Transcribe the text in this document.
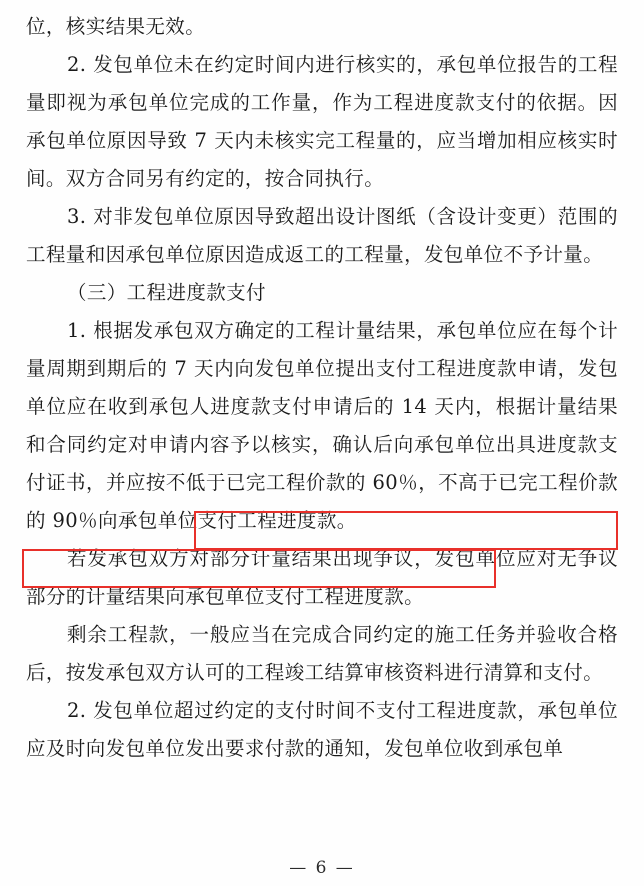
位，核实结果无效。

2. 发包单位未在约定时间内进行核实的，承包单位报告的工程量即视为承包单位完成的工作量，作为工程进度款支付的依据。因承包单位原因导致 7 天内未核实完工程量的，应当增加相应核实时间。双方合同另有约定的，按合同执行。

3. 对非发包单位原因导致超出设计图纸（含设计变更）范围的工程量和因承包单位原因造成返工的工程量，发包单位不予计量。

（三）工程进度款支付

1. 根据发承包双方确定的工程计量结果，承包单位应在每个计量周期到期后的 7 天内向发包单位提出支付工程进度款申请，发包单位应在收到承包人进度款支付申请后的 14 天内，根据计量结果和合同约定对申请内容予以核实，确认后向承包单位出具进度款支付证书，并应按不低于已完工程价款的 60％，不高于已完工程价款的 90％向承包单位支付工程进度款。

若发承包双方对部分计量结果出现争议，发包单位应对无争议部分的计量结果向承包单位支付工程进度款。

剩余工程款，一般应当在完成合同约定的施工任务并验收合格后，按发承包双方认可的工程竣工结算审核资料进行清算和支付。

2. 发包单位超过约定的支付时间不支付工程进度款，承包单位应及时向发包单位发出要求付款的通知，发包单位收到承包单

— 6 —
